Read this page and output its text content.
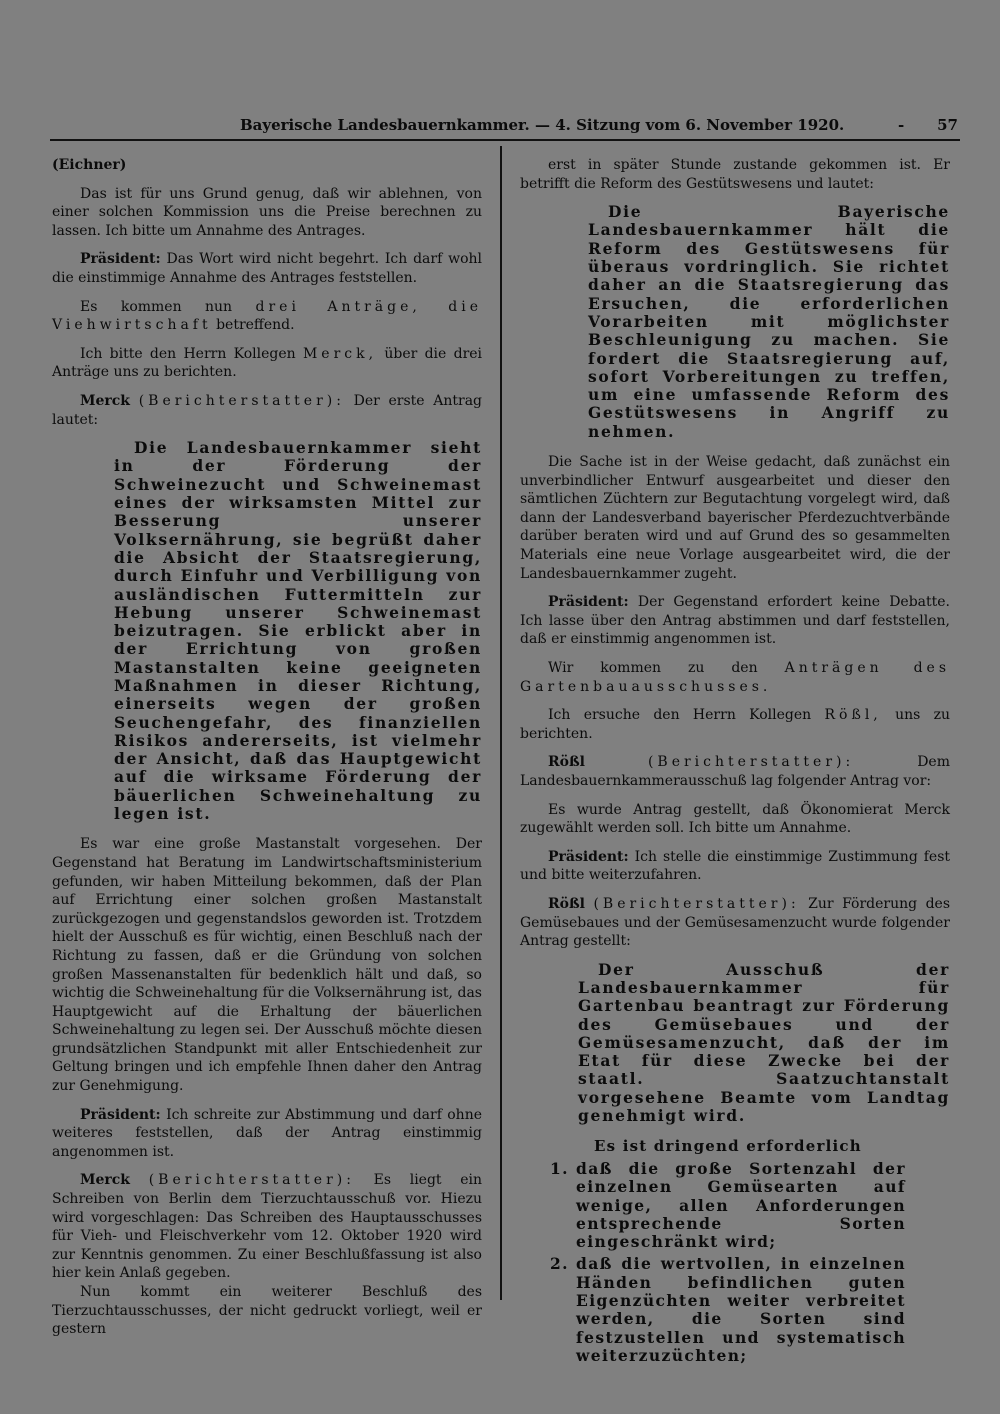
Bayerische Landesbauernkammer. — 4. Sitzung vom 6. November 1920.	- 57

(Eichner)

Das ist für uns Grund genug, daß wir ablehnen, von einer solchen Kommission uns die Preise berechnen zu lassen. Ich bitte um Annahme des Antrages.

Präsident: Das Wort wird nicht begehrt. Ich darf wohl die einstimmige Annahme des Antrages feststellen.

Es kommen nun drei Anträge, die Viehwirtschaft betreffend.

Ich bitte den Herrn Kollegen Merck, über die drei Anträge uns zu berichten.

Merck (Berichterstatter): Der erste Antrag lautet:

Die Landesbauernkammer sieht in der Förderung der Schweinezucht und Schweinemast eines der wirksamsten Mittel zur Besserung unserer Volksernährung, sie begrüßt daher die Absicht der Staatsregierung, durch Einfuhr und Verbilligung von ausländischen Futtermitteln zur Hebung unserer Schweinemast beizutragen. Sie erblickt aber in der Errichtung von großen Mastanstalten keine geeigneten Maßnahmen in dieser Richtung, einerseits wegen der großen Seuchengefahr, des finanziellen Risikos andererseits, ist vielmehr der Ansicht, daß das Hauptgewicht auf die wirksame Förderung der bäuerlichen Schweinehaltung zu legen ist.

Es war eine große Mastanstalt vorgesehen. Der Gegenstand hat Beratung im Landwirtschaftsministerium gefunden, wir haben Mitteilung bekommen, daß der Plan auf Errichtung einer solchen großen Mastanstalt zurückgezogen und gegenstandslos geworden ist. Trotzdem hielt der Ausschuß es für wichtig, einen Beschluß nach der Richtung zu fassen, daß er die Gründung von solchen großen Massenanstalten für bedenklich hält und daß, so wichtig die Schweinehaltung für die Volksernährung ist, das Hauptgewicht auf die Erhaltung der bäuerlichen Schweinehaltung zu legen sei. Der Ausschuß möchte diesen grundsätzlichen Standpunkt mit aller Entschiedenheit zur Geltung bringen und ich empfehle Ihnen daher den Antrag zur Genehmigung.

Präsident: Ich schreite zur Abstimmung und darf ohne weiteres feststellen, daß der Antrag einstimmig angenommen ist.

Merck (Berichterstatter): Es liegt ein Schreiben von Berlin dem Tierzuchtausschuß vor. Hiezu wird vorgeschlagen: Das Schreiben des Hauptausschusses für Vieh- und Fleischverkehr vom 12. Oktober 1920 wird zur Kenntnis genommen. Zu einer Beschlußfassung ist also hier kein Anlaß gegeben.

Nun kommt ein weiterer Beschluß des Tierzuchtausschusses, der nicht gedruckt vorliegt, weil er gestern

erst in später Stunde zustande gekommen ist. Er betrifft die Reform des Gestütswesens und lautet:

Die Bayerische Landesbauernkammer hält die Reform des Gestütswesens für überaus vordringlich. Sie richtet daher an die Staatsregierung das Ersuchen, die erforderlichen Vorarbeiten mit möglichster Beschleunigung zu machen. Sie fordert die Staatsregierung auf, sofort Vorbereitungen zu treffen, um eine umfassende Reform des Gestütswesens in Angriff zu nehmen.

Die Sache ist in der Weise gedacht, daß zunächst ein unverbindlicher Entwurf ausgearbeitet und dieser den sämtlichen Züchtern zur Begutachtung vorgelegt wird, daß dann der Landesverband bayerischer Pferdezuchtverbände darüber beraten wird und auf Grund des so gesammelten Materials eine neue Vorlage ausgearbeitet wird, die der Landesbauernkammer zugeht.

Präsident: Der Gegenstand erfordert keine Debatte. Ich lasse über den Antrag abstimmen und darf feststellen, daß er einstimmig angenommen ist.

Wir kommen zu den Anträgen des Gartenbauausschusses.

Ich ersuche den Herrn Kollegen Rößl, uns zu berichten.

Rößl	(Berichterstatter):	Dem Landesbauernkammerausschuß lag folgender Antrag vor:

Es wurde Antrag gestellt, daß Ökonomierat Merck zugewählt werden soll. Ich bitte um Annahme.

Präsident: Ich stelle die einstimmige Zustimmung fest und bitte weiterzufahren.

Rößl (Berichterstatter): Zur Förderung des Gemüsebaues und der Gemüsesamenzucht wurde folgender Antrag gestellt:

Der Ausschuß der Landesbauernkammer für Gartenbau beantragt zur Förderung des Gemüsebaues und der Gemüsesamenzucht, daß der im Etat für diese Zwecke bei der staatl. Saatzuchtanstalt vorgesehene Beamte vom Landtag genehmigt wird.

Es ist dringend erforderlich

1. daß die große Sortenzahl der einzelnen Gemüsearten auf wenige, allen Anforderungen entsprechende Sorten eingeschränkt wird;
2. daß die wertvollen, in einzelnen Händen befindlichen guten Eigenzüchten weiter verbreitet werden, die Sorten sind festzustellen und systematisch weiterzuzüchten;
